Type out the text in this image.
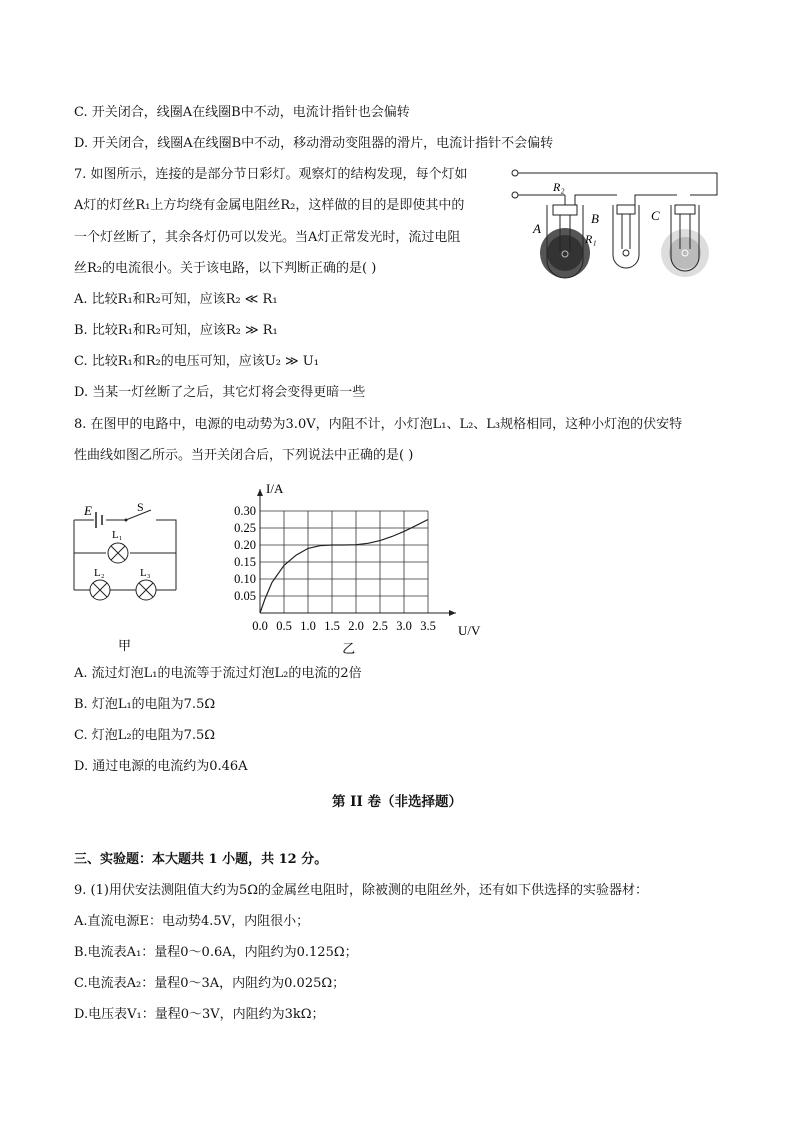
C. 开关闭合，线圈A在线圈B中不动，电流计指针也会偏转
D. 开关闭合，线圈A在线圈B中不动，移动滑动变阻器的滑片，电流计指针不会偏转
7. 如图所示，连接的是部分节日彩灯。观察灯的结构发现，每个灯如
A灯的灯丝R₁上方均绕有金属电阻丝R₂，这样做的目的是即使其中的
一个灯丝断了，其余各灯仍可以发光。当A灯正常发光时，流过电阻
丝R₂的电流很小。关于该电路，以下判断正确的是( )
A. 比较R₁和R₂可知，应该R₂ ≪ R₁
B. 比较R₁和R₂可知，应该R₂ ≫ R₁
C. 比较R₁和R₂的电压可知，应该U₂ ≫ U₁
D. 当某一灯丝断了之后，其它灯将会变得更暗一些
R₂
A
B
R₁
C
8. 在图甲的电路中，电源的电动势为3.0V，内阻不计，小灯泡L₁、L₂、L₃规格相同，这种小灯泡的伏安特
性曲线如图乙所示。当开关闭合后，下列说法中正确的是( )
E	S
L₁
L₂	L₃
甲
0.0 0.5 1.0 1.5 2.0 2.5 3.0 3.5
0.05
0.10
0.15
0.20
0.25
0.30
U/V
I/A
乙
A. 流过灯泡L₁的电流等于流过灯泡L₂的电流的2倍
B. 灯泡L₁的电阻为7.5Ω
C. 灯泡L₂的电阻为7.5Ω
D. 通过电源的电流约为0.46A
第 II 卷（非选择题）
三、实验题：本大题共 1 小题，共 12 分。
9. (1)用伏安法测阻值大约为5Ω的金属丝电阻时，除被测的电阻丝外，还有如下供选择的实验器材：
A.直流电源E：电动势4.5V，内阻很小；
B.电流表A₁：量程0～0.6A，内阻约为0.125Ω；
C.电流表A₂：量程0～3A，内阻约为0.025Ω；
D.电压表V₁：量程0～3V，内阻约为3kΩ；
